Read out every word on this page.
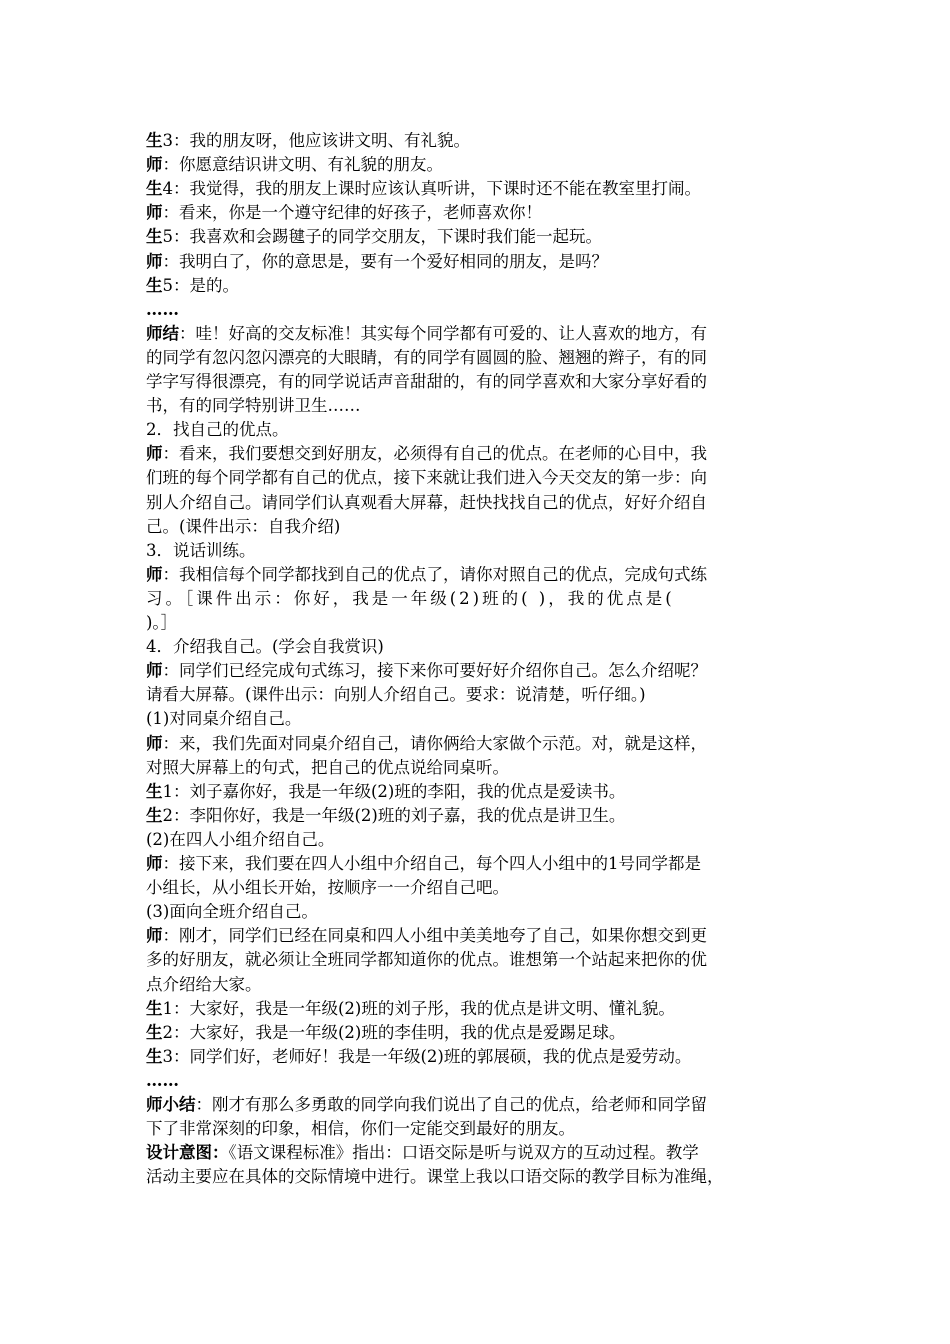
生3：我的朋友呀，他应该讲文明、有礼貌。
师：你愿意结识讲文明、有礼貌的朋友。
生4：我觉得，我的朋友上课时应该认真听讲，下课时还不能在教室里打闹。
师：看来，你是一个遵守纪律的好孩子，老师喜欢你！
生5：我喜欢和会踢毽子的同学交朋友，下课时我们能一起玩。
师：我明白了，你的意思是，要有一个爱好相同的朋友，是吗？
生5：是的。
……
师结：哇！好高的交友标准！其实每个同学都有可爱的、让人喜欢的地方，有
的同学有忽闪忽闪漂亮的大眼睛，有的同学有圆圆的脸、翘翘的辫子，有的同
学字写得很漂亮，有的同学说话声音甜甜的，有的同学喜欢和大家分享好看的
书，有的同学特别讲卫生……
2．找自己的优点。
师：看来，我们要想交到好朋友，必须得有自己的优点。在老师的心目中，我
们班的每个同学都有自己的优点，接下来就让我们进入今天交友的第一步：向
别人介绍自己。请同学们认真观看大屏幕，赶快找找自己的优点，好好介绍自
己。(课件出示：自我介绍)
3．说话训练。
师：我相信每个同学都找到自己的优点了，请你对照自己的优点，完成句式练
习。［课件出示：你好，我是一年级(2)班的( )，我的优点是(
)。］
4．介绍我自己。(学会自我赏识)
师：同学们已经完成句式练习，接下来你可要好好介绍你自己。怎么介绍呢？
请看大屏幕。(课件出示：向别人介绍自己。要求：说清楚，听仔细。)
(1)对同桌介绍自己。
师：来，我们先面对同桌介绍自己，请你俩给大家做个示范。对，就是这样，
对照大屏幕上的句式，把自己的优点说给同桌听。
生1：刘子嘉你好，我是一年级(2)班的李阳，我的优点是爱读书。
生2：李阳你好，我是一年级(2)班的刘子嘉，我的优点是讲卫生。
(2)在四人小组介绍自己。
师：接下来，我们要在四人小组中介绍自己，每个四人小组中的1号同学都是
小组长，从小组长开始，按顺序一一介绍自己吧。
(3)面向全班介绍自己。
师：刚才，同学们已经在同桌和四人小组中美美地夸了自己，如果你想交到更
多的好朋友，就必须让全班同学都知道你的优点。谁想第一个站起来把你的优
点介绍给大家。
生1：大家好，我是一年级(2)班的刘子彤，我的优点是讲文明、懂礼貌。
生2：大家好，我是一年级(2)班的李佳明，我的优点是爱踢足球。
生3：同学们好，老师好！我是一年级(2)班的郭展硕，我的优点是爱劳动。
……
师小结：刚才有那么多勇敢的同学向我们说出了自己的优点，给老师和同学留
下了非常深刻的印象，相信，你们一定能交到最好的朋友。
设计意图：《语文课程标准》指出：口语交际是听与说双方的互动过程。教学
活动主要应在具体的交际情境中进行。课堂上我以口语交际的教学目标为准绳，
